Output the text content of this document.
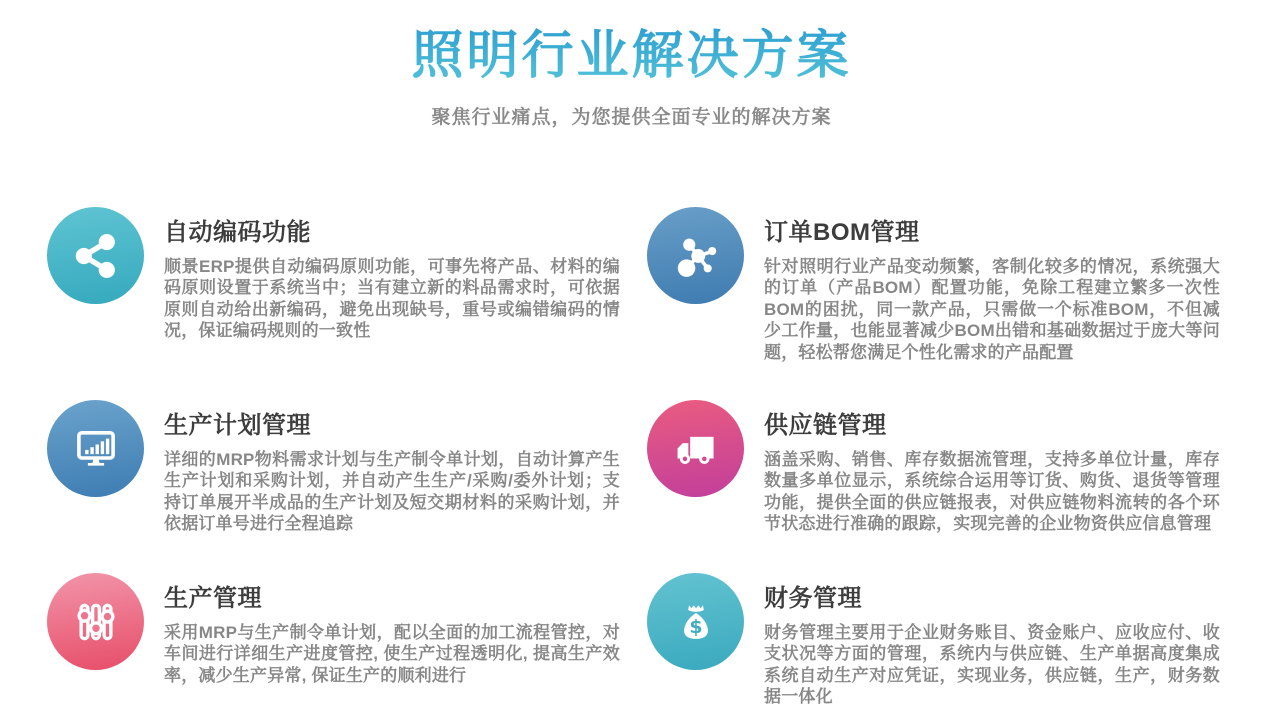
照明行业解决方案
聚焦行业痛点，为您提供全面专业的解决方案
自动编码功能

顺景ERP提供自动编码原则功能，可事先将产品、材料的编码原则设置于系统当中；当有建立新的料品需求时，可依据原则自动给出新编码，避免出现缺号，重号或编错编码的情况，保证编码规则的一致性

订单BOM管理

针对照明行业产品变动频繁，客制化较多的情况，系统强大的订单（产品BOM）配置功能，免除工程建立繁多一次性BOM的困扰，同一款产品，只需做一个标准BOM，不但减少工作量，也能显著减少BOM出错和基础数据过于庞大等问题，轻松帮您满足个性化需求的产品配置

生产计划管理

详细的MRP物料需求计划与生产制令单计划，自动计算产生生产计划和采购计划，并自动产生生产/采购/委外计划；支持订单展开半成品的生产计划及短交期材料的采购计划，并依据订单号进行全程追踪

供应链管理

涵盖采购、销售、库存数据流管理，支持多单位计量，库存数量多单位显示，系统综合运用等订货、购货、退货等管理功能，提供全面的供应链报表，对供应链物料流转的各个环节状态进行准确的跟踪，实现完善的企业物资供应信息管理

生产管理

采用MRP与生产制令单计划，配以全面的加工流程管控，对车间进行详细生产进度管控, 使生产过程透明化, 提高生产效率，减少生产异常, 保证生产的顺利进行

$
财务管理

财务管理主要用于企业财务账目、资金账户、应收应付、收支状况等方面的管理，系统内与供应链、生产单据高度集成系统自动生产对应凭证，实现业务，供应链，生产，财务数据一体化
